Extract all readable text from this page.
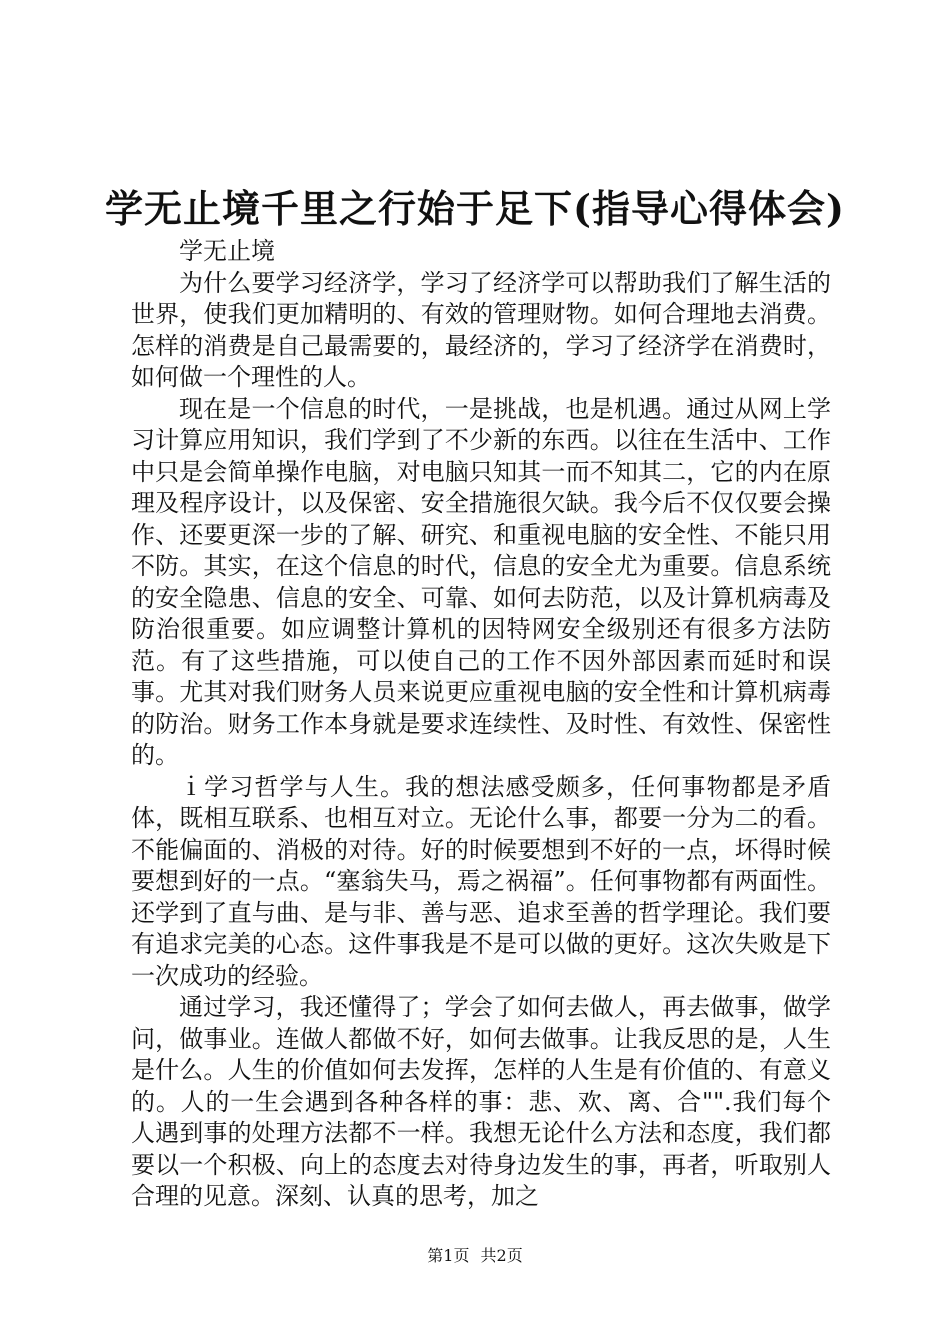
学无止境千里之行始于足下(指导心得体会)

学无止境

为什么要学习经济学，学习了经济学可以帮助我们了解生活的世界，使我们更加精明的、有效的管理财物。如何合理地去消费。怎样的消费是自己最需要的，最经济的，学习了经济学在消费时，如何做一个理性的人。

现在是一个信息的时代，一是挑战，也是机遇。通过从网上学习计算应用知识，我们学到了不少新的东西。以往在生活中、工作中只是会简单操作电脑，对电脑只知其一而不知其二，它的内在原理及程序设计，以及保密、安全措施很欠缺。我今后不仅仅要会操作、还要更深一步的了解、研究、和重视电脑的安全性、不能只用不防。其实，在这个信息的时代，信息的安全尤为重要。信息系统的安全隐患、信息的安全、可靠、如何去防范，以及计算机病毒及防治很重要。如应调整计算机的因特网安全级别还有很多方法防范。有了这些措施，可以使自己的工作不因外部因素而延时和误事。尤其对我们财务人员来说更应重视电脑的安全性和计算机病毒的防治。财务工作本身就是要求连续性、及时性、有效性、保密性的。

ｉ学习哲学与人生。我的想法感受颇多，任何事物都是矛盾体，既相互联系、也相互对立。无论什么事，都要一分为二的看。不能偏面的、消极的对待。好的时候要想到不好的一点，坏得时候要想到好的一点。“塞翁失马，焉之祸福”。任何事物都有两面性。还学到了直与曲、是与非、善与恶、追求至善的哲学理论。我们要有追求完美的心态。这件事我是不是可以做的更好。这次失败是下一次成功的经验。

通过学习，我还懂得了；学会了如何去做人，再去做事，做学问，做事业。连做人都做不好，如何去做事。让我反思的是，人生是什么。人生的价值如何去发挥，怎样的人生是有价值的、有意义的。人的一生会遇到各种各样的事：悲、欢、离、合"".我们每个人遇到事的处理方法都不一样。我想无论什么方法和态度，我们都要以一个积极、向上的态度去对待身边发生的事，再者，听取别人合理的见意。深刻、认真的思考，加之

第1页 共2页
